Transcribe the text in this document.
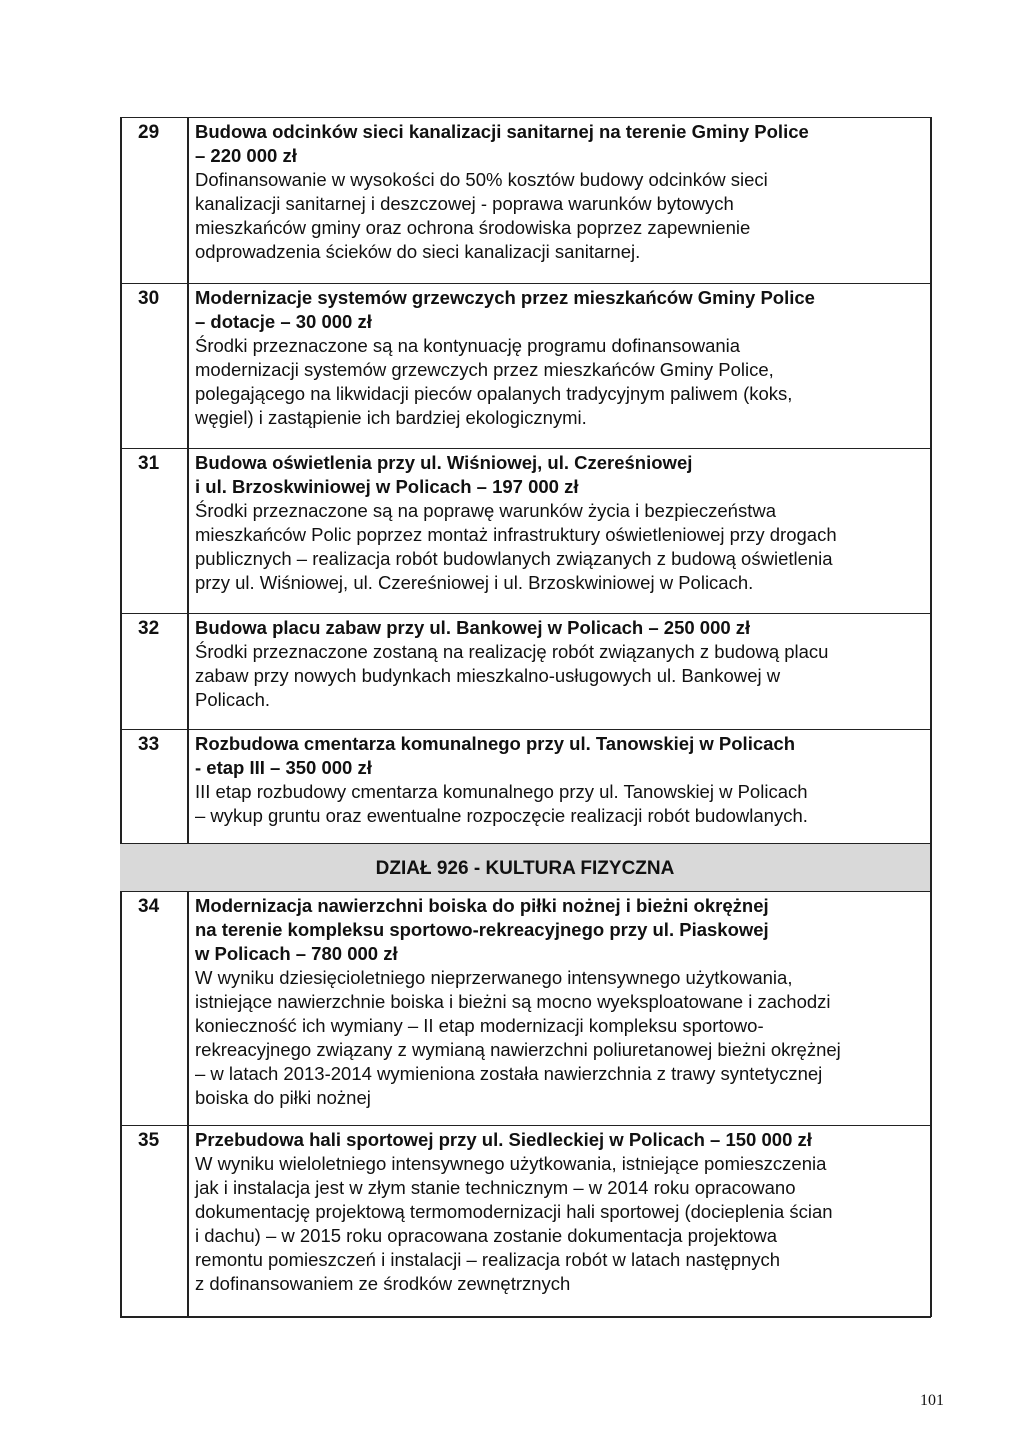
29 Budowa odcinków sieci kanalizacji sanitarnej na terenie Gminy Police
– 220 000 zł
Dofinansowanie w wysokości do 50% kosztów budowy odcinków sieci
kanalizacji sanitarnej i deszczowej - poprawa warunków bytowych
mieszkańców gminy oraz ochrona środowiska poprzez zapewnienie
odprowadzenia ścieków do sieci kanalizacji sanitarnej.
30 Modernizacje systemów grzewczych przez mieszkańców Gminy Police
– dotacje – 30 000 zł
Środki przeznaczone są na kontynuację programu dofinansowania
modernizacji systemów grzewczych przez mieszkańców Gminy Police,
polegającego na likwidacji pieców opalanych tradycyjnym paliwem (koks,
węgiel) i zastąpienie ich bardziej ekologicznymi.
31 Budowa oświetlenia przy ul. Wiśniowej, ul. Czereśniowej
i ul. Brzoskwiniowej w Policach – 197 000 zł
Środki przeznaczone są na poprawę warunków życia i bezpieczeństwa
mieszkańców Polic poprzez montaż infrastruktury oświetleniowej przy drogach
publicznych – realizacja robót budowlanych związanych z budową oświetlenia
przy ul. Wiśniowej, ul. Czereśniowej i ul. Brzoskwiniowej w Policach.
32 Budowa placu zabaw przy ul. Bankowej w Policach – 250 000 zł
Środki przeznaczone zostaną na realizację robót związanych z budową placu
zabaw przy nowych budynkach mieszkalno-usługowych ul. Bankowej w
Policach.
33 Rozbudowa cmentarza komunalnego przy ul. Tanowskiej w Policach
- etap III – 350 000 zł
III etap rozbudowy cmentarza komunalnego przy ul. Tanowskiej w Policach
– wykup gruntu oraz ewentualne rozpoczęcie realizacji robót budowlanych.
DZIAŁ 926 - KULTURA FIZYCZNA
34 Modernizacja nawierzchni boiska do piłki nożnej i bieżni okrężnej
na terenie kompleksu sportowo-rekreacyjnego przy ul. Piaskowej
w Policach – 780 000 zł
W wyniku dziesięcioletniego nieprzerwanego intensywnego użytkowania,
istniejące nawierzchnie boiska i bieżni są mocno wyeksploatowane i zachodzi
konieczność ich wymiany – II etap modernizacji kompleksu sportowo-
rekreacyjnego związany z wymianą nawierzchni poliuretanowej bieżni okrężnej
– w latach 2013-2014 wymieniona została nawierzchnia z trawy syntetycznej
boiska do piłki nożnej
35 Przebudowa hali sportowej przy ul. Siedleckiej w Policach – 150 000 zł
W wyniku wieloletniego intensywnego użytkowania, istniejące pomieszczenia
jak i instalacja jest w złym stanie technicznym – w 2014 roku opracowano
dokumentację projektową termomodernizacji hali sportowej (docieplenia ścian
i dachu) – w 2015 roku opracowana zostanie dokumentacja projektowa
remontu pomieszczeń i instalacji – realizacja robót w latach następnych
z dofinansowaniem ze środków zewnętrznych
101
